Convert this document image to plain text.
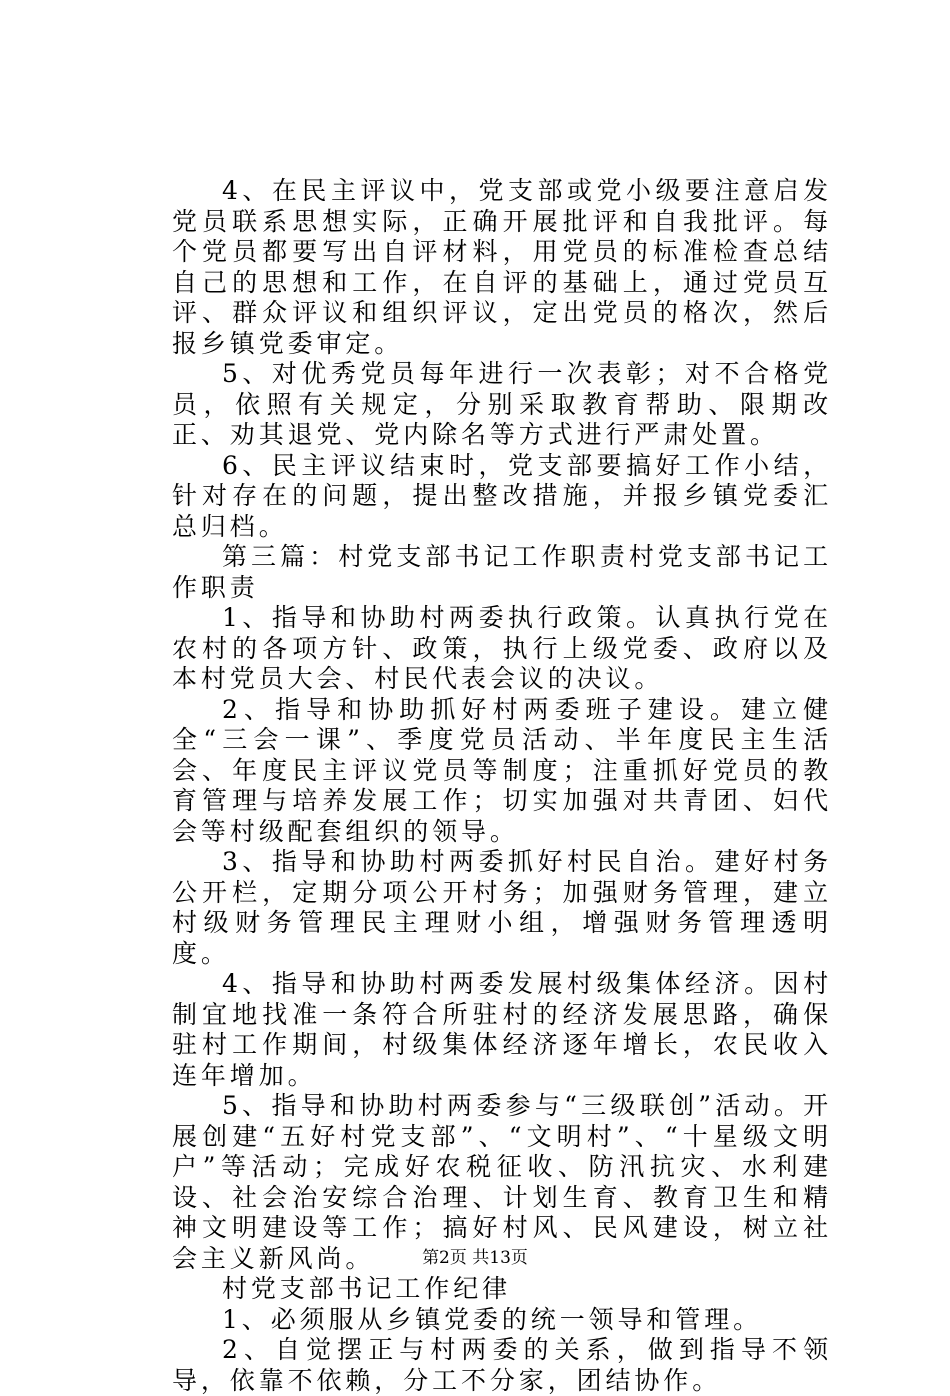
4、在民主评议中，党支部或党小级要注意启发党员联系思想实际，正确开展批评和自我批评。每个党员都要写出自评材料，用党员的标准检查总结自己的思想和工作，在自评的基础上，通过党员互评、群众评议和组织评议，定出党员的格次，然后报乡镇党委审定。

5、对优秀党员每年进行一次表彰；对不合格党员，依照有关规定，分别采取教育帮助、限期改正、劝其退党、党内除名等方式进行严肃处置。

6、民主评议结束时，党支部要搞好工作小结，针对存在的问题，提出整改措施，并报乡镇党委汇总归档。

第三篇：村党支部书记工作职责村党支部书记工作职责

1、指导和协助村两委执行政策。认真执行党在农村的各项方针、政策，执行上级党委、政府以及本村党员大会、村民代表会议的决议。

2、指导和协助抓好村两委班子建设。建立健全“三会一课”、季度党员活动、半年度民主生活会、年度民主评议党员等制度；注重抓好党员的教育管理与培养发展工作；切实加强对共青团、妇代会等村级配套组织的领导。

3、指导和协助村两委抓好村民自治。建好村务公开栏，定期分项公开村务；加强财务管理，建立村级财务管理民主理财小组，增强财务管理透明度。

4、指导和协助村两委发展村级集体经济。因村制宜地找准一条符合所驻村的经济发展思路，确保驻村工作期间，村级集体经济逐年增长，农民收入连年增加。

5、指导和协助村两委参与“三级联创”活动。开展创建“五好村党支部”、“文明村”、“十星级文明户”等活动；完成好农税征收、防汛抗灾、水利建设、社会治安综合治理、计划生育、教育卫生和精神文明建设等工作；搞好村风、民风建设，树立社会主义新风尚。

村党支部书记工作纪律

1、必须服从乡镇党委的统一领导和管理。

2、自觉摆正与村两委的关系，做到指导不领导，依靠不依赖，分工不分家，团结协作。

第2页 共13页
